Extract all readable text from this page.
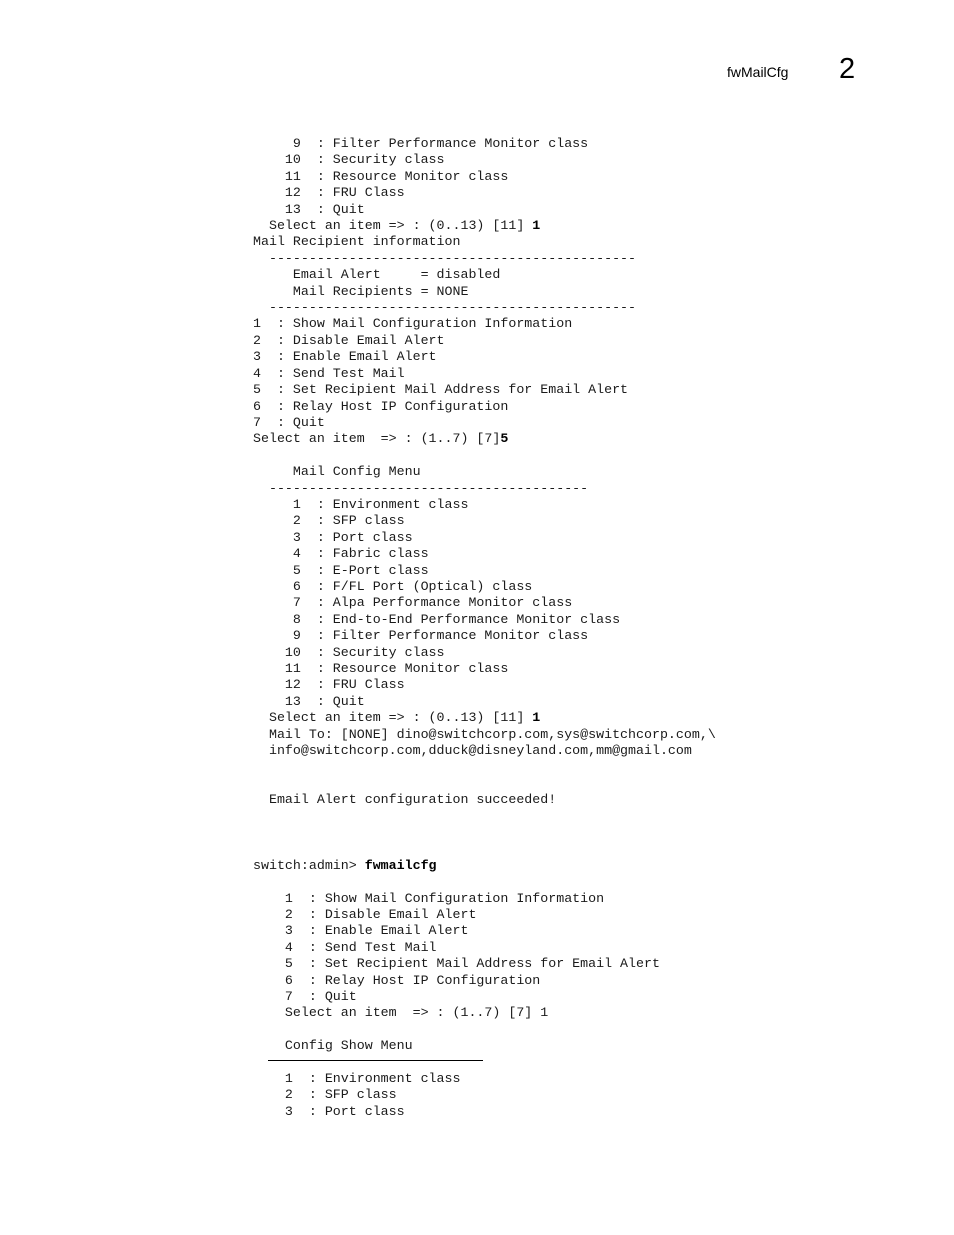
fwMailCfg 2
9  : Filter Performance Monitor class
10  : Security class
11  : Resource Monitor class
12  : FRU Class
13  : Quit
Select an item => : (0..13) [11] 1
Mail Recipient information
----------------------------------------------
Email Alert     = disabled
Mail Recipients = NONE
----------------------------------------------
1  : Show Mail Configuration Information
2  : Disable Email Alert
3  : Enable Email Alert
4  : Send Test Mail
5  : Set Recipient Mail Address for Email Alert
6  : Relay Host IP Configuration
7  : Quit
Select an item  => : (1..7) [7]5
Mail Config Menu
----------------------------------------
1  : Environment class
2  : SFP class
3  : Port class
4  : Fabric class
5  : E-Port class
6  : F/FL Port (Optical) class
7  : Alpa Performance Monitor class
8  : End-to-End Performance Monitor class
9  : Filter Performance Monitor class
10  : Security class
11  : Resource Monitor class
12  : FRU Class
13  : Quit
Select an item => : (0..13) [11] 1
Mail To: [NONE] dino@switchcorp.com,sys@switchcorp.com,\
info@switchcorp.com,dduck@disneyland.com,mm@gmail.com
Email Alert configuration succeeded!
switch:admin> fwmailcfg
1  : Show Mail Configuration Information
2  : Disable Email Alert
3  : Enable Email Alert
4  : Send Test Mail
5  : Set Recipient Mail Address for Email Alert
6  : Relay Host IP Configuration
7  : Quit
Select an item  => : (1..7) [7] 1
Config Show Menu
1  : Environment class
2  : SFP class
3  : Port class
